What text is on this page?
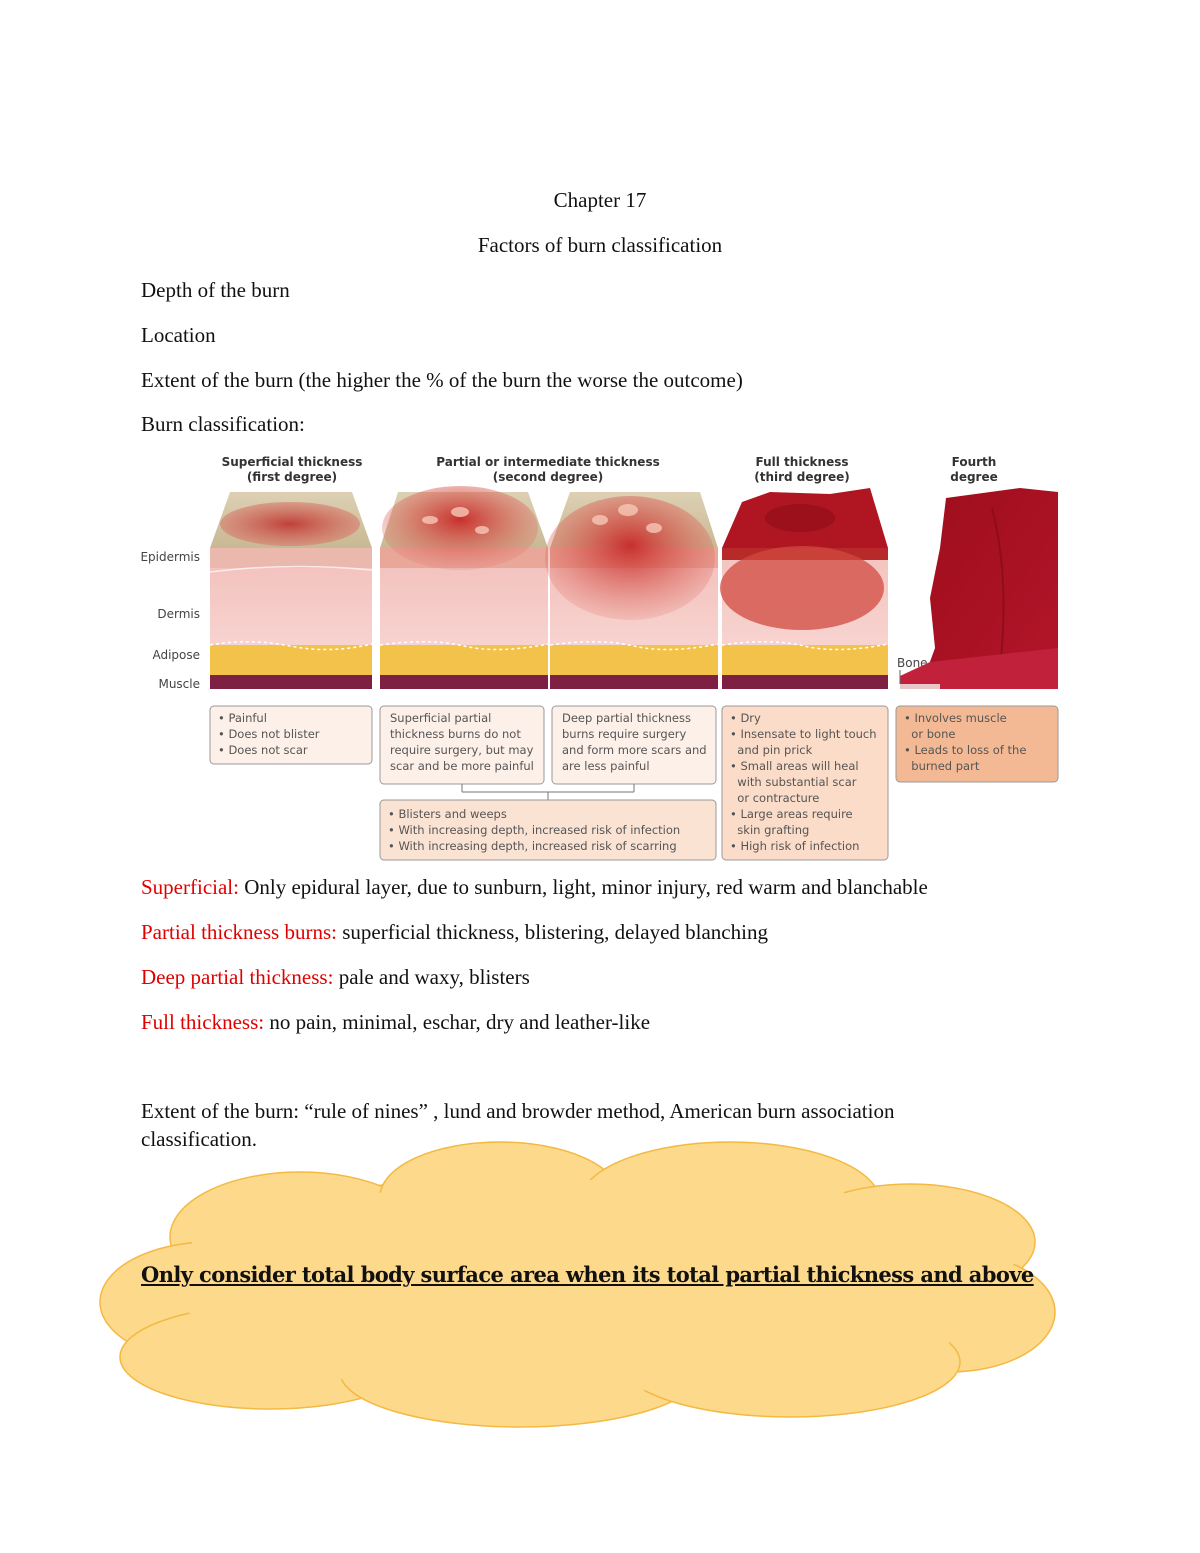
Chapter 17
Factors of burn classification
Depth of the burn
Location
Extent of the burn (the higher the % of the burn the worse the outcome)
Burn classification:
Superficial thickness
(first degree)
Partial or intermediate thickness
(second degree)
Full thickness
(third degree)
Fourth
degree
Epidermis
Dermis
Adipose
Muscle
Bone
• Painful
• Does not blister
• Does not scar
Superficial partial
thickness burns do not
require surgery, but may
scar and be more painful
Deep partial thickness
burns require surgery
and form more scars and
are less painful
• Dry
• Insensate to light touch
and pin prick
• Small areas will heal
with substantial scar
or contracture
• Large areas require
skin grafting
• High risk of infection
• Involves muscle
or bone
• Leads to loss of the
burned part
• Blisters and weeps
• With increasing depth, increased risk of infection
• With increasing depth, increased risk of scarring
Superficial: Only epidural layer, due to sunburn, light, minor injury, red warm and blanchable
Partial thickness burns: superficial thickness, blistering, delayed blanching
Deep partial thickness: pale and waxy, blisters
Full thickness: no pain, minimal, eschar, dry and leather-like
Extent of the burn: “rule of nines” , lund and browder method, American burn association
classification.
Only consider total body surface area when its total partial thickness and above
